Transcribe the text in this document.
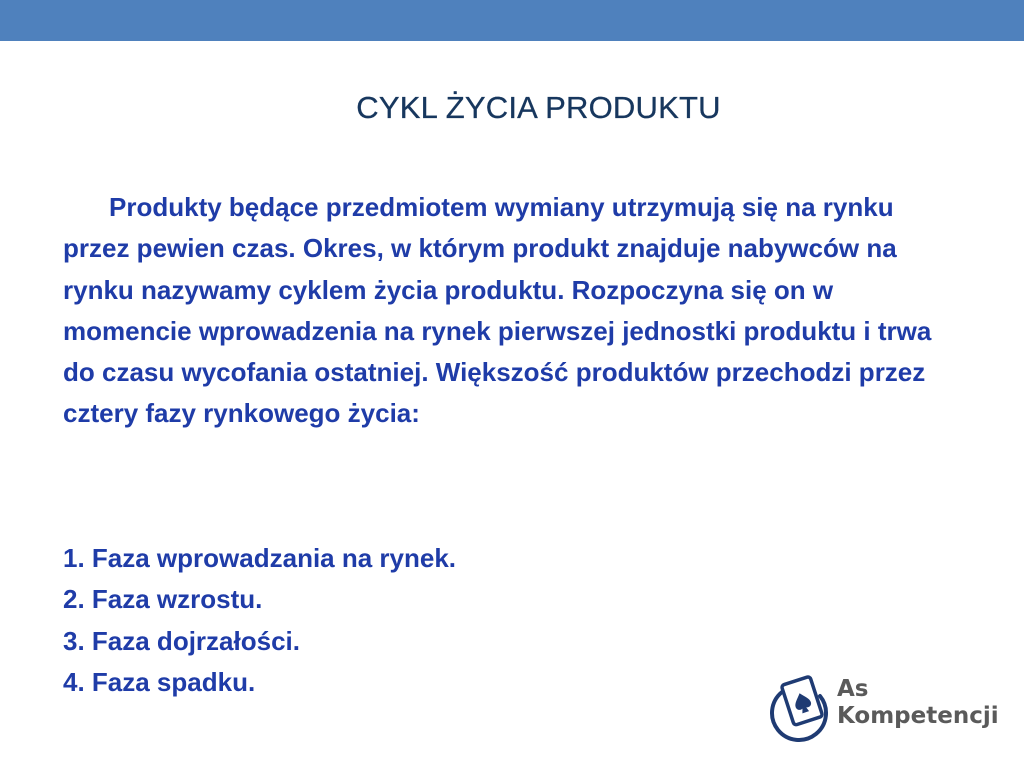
CYKL ŻYCIA PRODUKTU

Produkty będące przedmiotem wymiany utrzymują się na rynku przez pewien czas. Okres, w którym produkt znajduje nabywców na rynku nazywamy cyklem życia produktu. Rozpoczyna się on w momencie wprowadzenia na rynek pierwszej jednostki produktu i trwa do czasu wycofania ostatniej. Większość produktów przechodzi przez cztery fazy rynkowego życia:

1. Faza wprowadzania na rynek.
2. Faza wzrostu.
3. Faza dojrzałości.
4. Faza spadku.	As
Kompetencji
